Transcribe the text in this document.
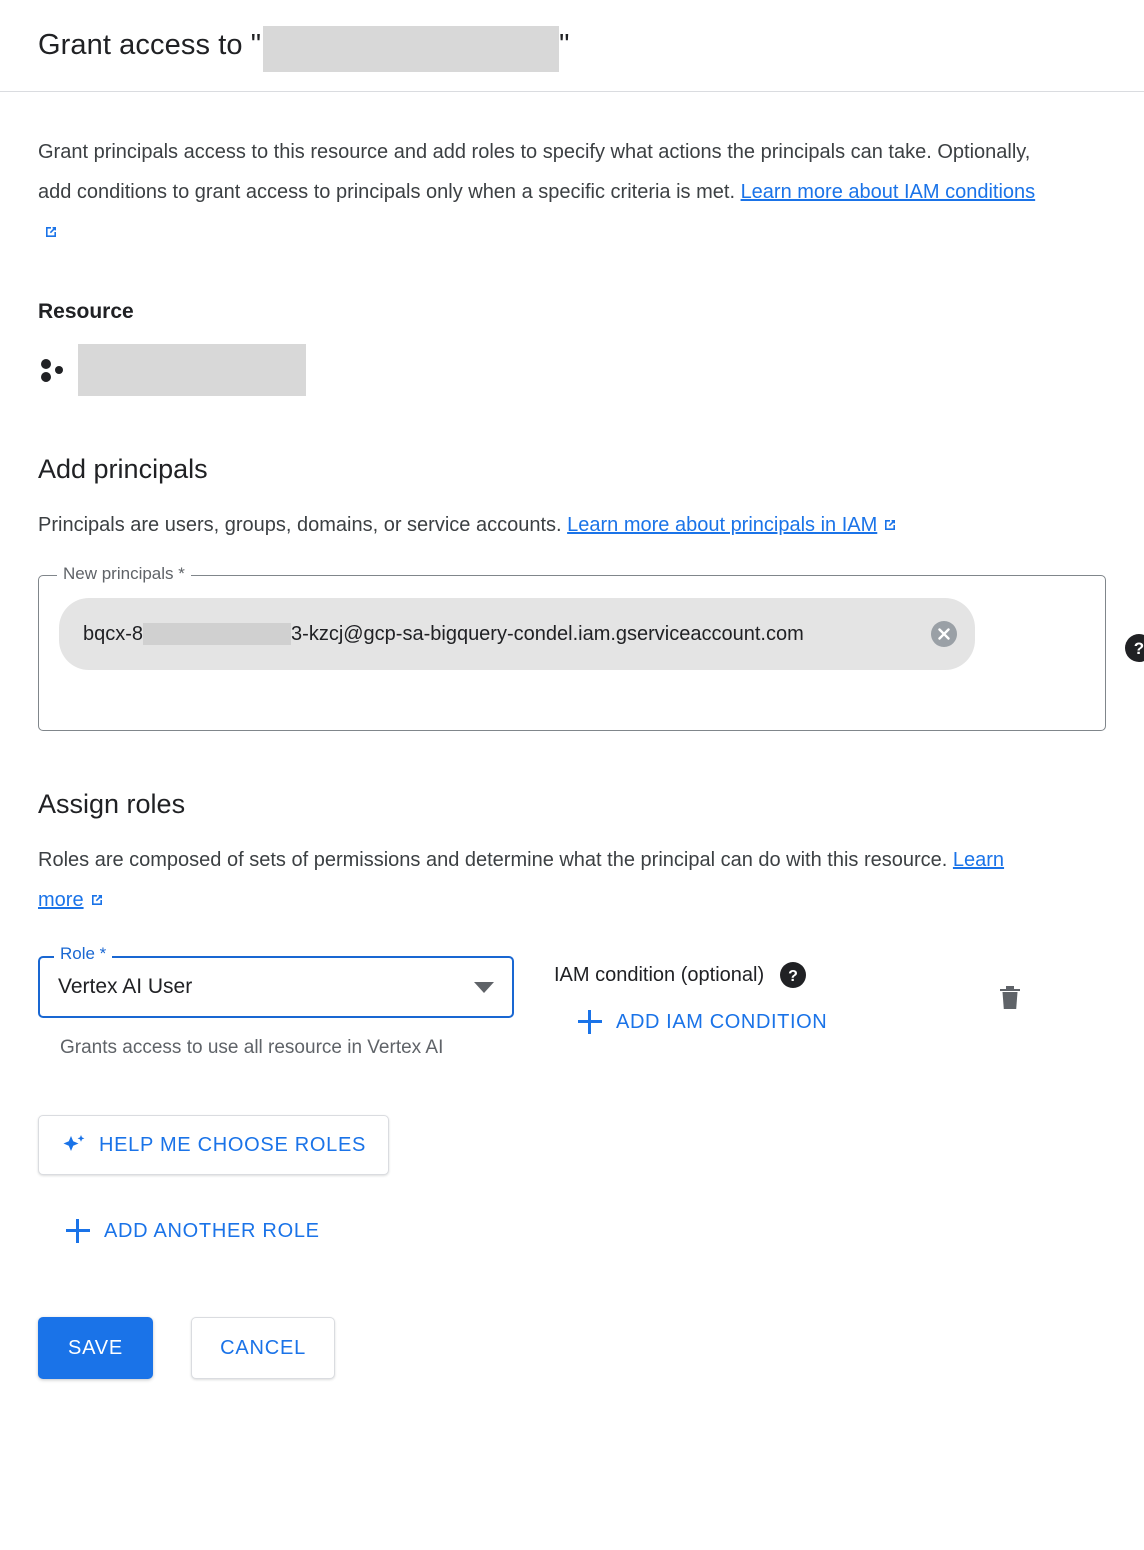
Grant access to "	"

Grant principals access to this resource and add roles to specify what actions the principals can take. Optionally, add conditions to grant access to principals only when a specific criteria is met. Learn more about IAM conditions

Resource
Add principals

Principals are users, groups, domains, or service accounts. Learn more about principals in IAM

New principals *
bqcx-8	3-kzcj@gcp-sa-bigquery-condel.iam.gserviceaccount.com
?
Assign roles

Roles are composed of sets of permissions and determine what the principal can do with this resource. Learn more

Role *
Vertex AI User
Grants access to use all resource in Vertex AI
IAM condition (optional) ?
ADD IAM CONDITION
HELP ME CHOOSE ROLES
ADD ANOTHER ROLE
SAVE	CANCEL
